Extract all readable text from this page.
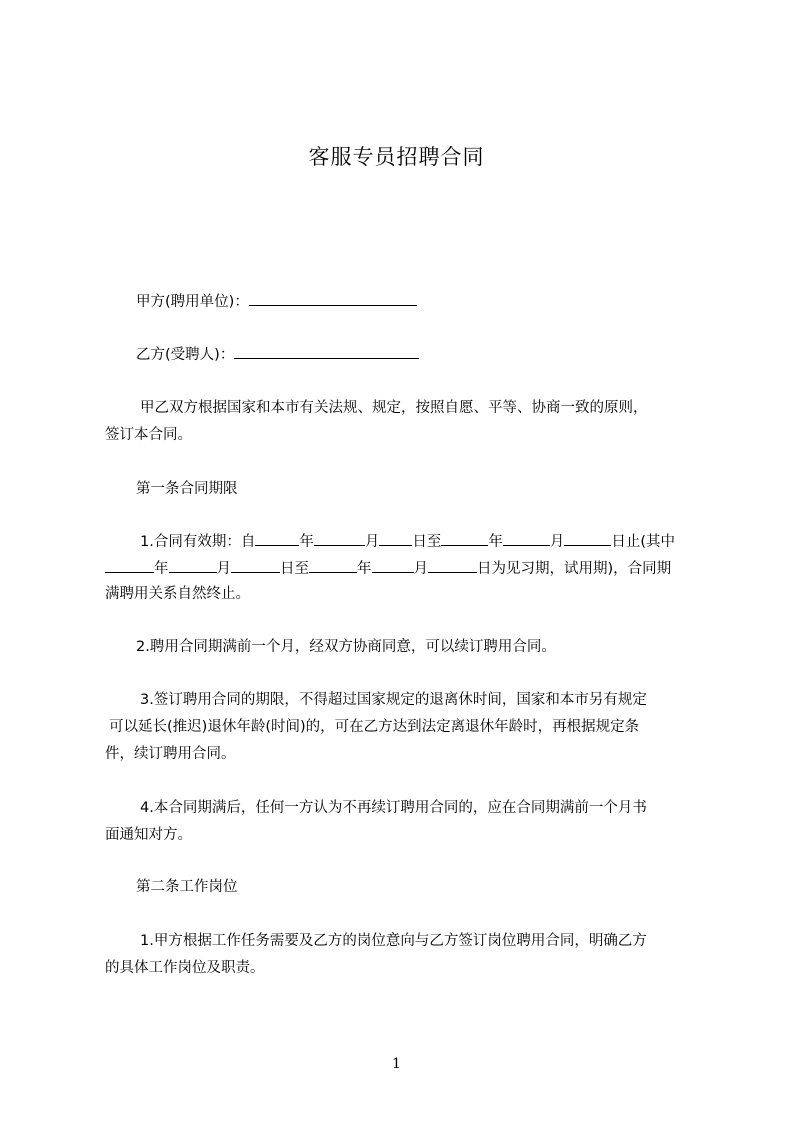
客服专员招聘合同
甲方(聘用单位)：
乙方(受聘人)：
甲乙双方根据国家和本市有关法规、规定，按照自愿、平等、协商一致的原则，
签订本合同。
第一条合同期限
1.合同有效期：自	年	月 日至	年	月	日止(其中
年	月	日至	年	月	日为见习期，试用期)，合同期
满聘用关系自然终止。
2.聘用合同期满前一个月，经双方协商同意，可以续订聘用合同。
3.签订聘用合同的期限，不得超过国家规定的退离休时间，国家和本市另有规定
可以延长(推迟)退休年龄(时间)的，可在乙方达到法定离退休年龄时，再根据规定条
件，续订聘用合同。
4.本合同期满后，任何一方认为不再续订聘用合同的，应在合同期满前一个月书
面通知对方。
第二条工作岗位
1.甲方根据工作任务需要及乙方的岗位意向与乙方签订岗位聘用合同，明确乙方
的具体工作岗位及职责。
1
